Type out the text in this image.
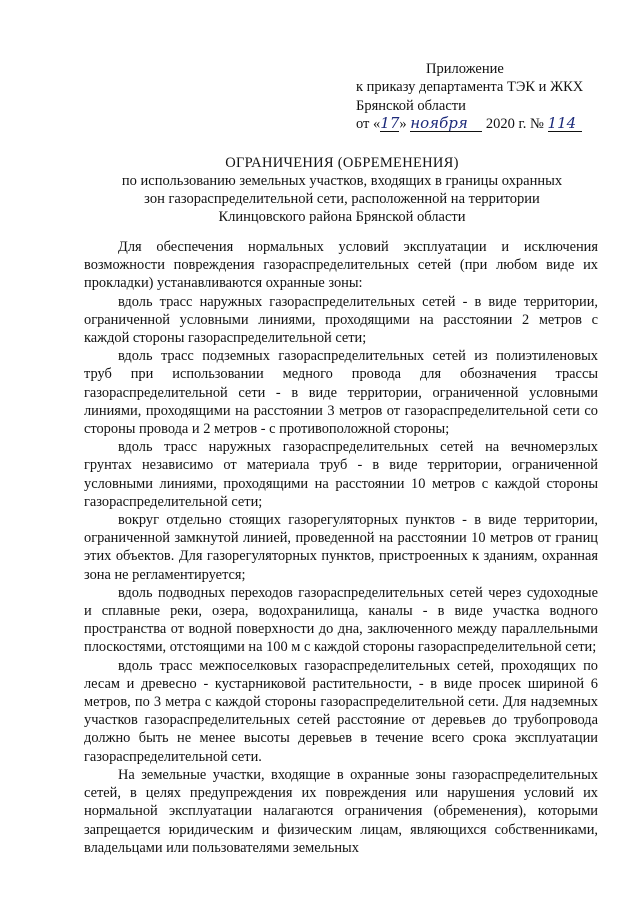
Приложение
к приказу департамента ТЭК и ЖКХ
Брянской области
от «17» ноября 2020 г. № 114
ОГРАНИЧЕНИЯ (ОБРЕМЕНЕНИЯ)
по использованию земельных участков, входящих в границы охранных
зон газораспределительной сети, расположенной на территории
Клинцовского района Брянской области

Для обеспечения нормальных условий эксплуатации и исключения возможности повреждения газораспределительных сетей (при любом виде их прокладки) устанавливаются охранные зоны:

вдоль трасс наружных газораспределительных сетей - в виде территории, ограниченной условными линиями, проходящими на расстоянии 2 метров с каждой стороны газораспределительной сети;

вдоль трасс подземных газораспределительных сетей из полиэтиленовых труб при использовании медного провода для обозначения трассы газораспределительной сети - в виде территории, ограниченной условными линиями, проходящими на расстоянии 3 метров от газораспределительной сети со стороны провода и 2 метров - с противоположной стороны;

вдоль трасс наружных газораспределительных сетей на вечномерзлых грунтах независимо от материала труб - в виде территории, ограниченной условными линиями, проходящими на расстоянии 10 метров с каждой стороны газораспределительной сети;

вокруг отдельно стоящих газорегуляторных пунктов - в виде территории, ограниченной замкнутой линией, проведенной на расстоянии 10 метров от границ этих объектов. Для газорегуляторных пунктов, пристроенных к зданиям, охранная зона не регламентируется;

вдоль подводных переходов газораспределительных сетей через судоходные и сплавные реки, озера, водохранилища, каналы - в виде участка водного пространства от водной поверхности до дна, заключенного между параллельными плоскостями, отстоящими на 100 м с каждой стороны газораспределительной сети;

вдоль трасс межпоселковых газораспределительных сетей, проходящих по лесам и древесно - кустарниковой растительности, - в виде просек шириной 6 метров, по 3 метра с каждой стороны газораспределительной сети. Для надземных участков газораспределительных сетей расстояние от деревьев до трубопровода должно быть не менее высоты деревьев в течение всего срока эксплуатации газораспределительной сети.

На земельные участки, входящие в охранные зоны газораспределительных сетей, в целях предупреждения их повреждения или нарушения условий их нормальной эксплуатации налагаются ограничения (обременения), которыми запрещается юридическим и физическим лицам, являющихся собственниками, владельцами или пользователями земельных
